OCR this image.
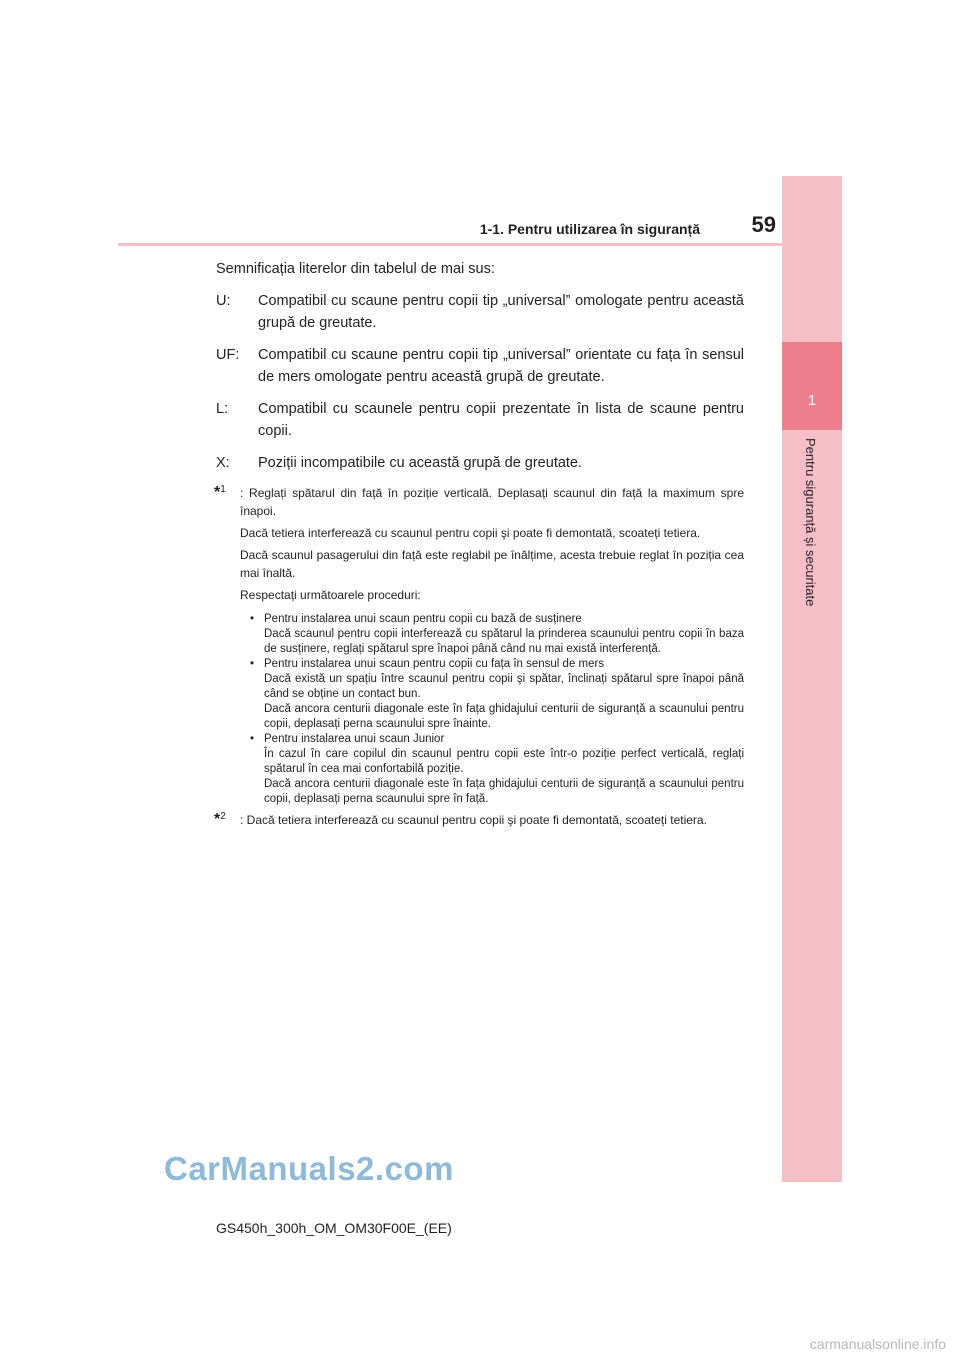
1
Pentru siguranță și securitate
1-1. Pentru utilizarea în siguranță	59

Semnificația literelor din tabelul de mai sus:

U: Compatibil cu scaune pentru copii tip „universal” omologate pentru această grupă de greutate.
UF: Compatibil cu scaune pentru copii tip „universal” orientate cu fața în sensul de mers omologate pentru această grupă de greutate.
L: Compatibil cu scaunele pentru copii prezentate în lista de scaune pentru copii.
X: Poziții incompatibile cu această grupă de greutate.
*$^1$ : Reglați spătarul din față în poziție verticală. Deplasați scaunul din față la maximum spre înapoi.

Dacă tetiera interferează cu scaunul pentru copii şi poate fi demontată, scoateți tetiera.

Dacă scaunul pasagerului din față este reglabil pe înălțime, acesta trebuie reglat în poziția cea mai înaltă.

Respectați următoarele proceduri:

• Pentru instalarea unui scaun pentru copii cu bază de susținere
Dacă scaunul pentru copii interferează cu spătarul la prinderea scaunului pentru copii în baza de susținere, reglați spătarul spre înapoi până când nu mai există interferență.
• Pentru instalarea unui scaun pentru copii cu fața în sensul de mers
Dacă există un spațiu între scaunul pentru copii şi spătar, înclinați spătarul spre înapoi până când se obține un contact bun.
Dacă ancora centurii diagonale este în fața ghidajului centurii de siguranță a scaunului pentru copii, deplasați perna scaunului spre înainte.
• Pentru instalarea unui scaun Junior
În cazul în care copilul din scaunul pentru copii este într-o poziție perfect verticală, reglați spătarul în cea mai confortabilă poziție.
Dacă ancora centurii diagonale este în fața ghidajului centurii de siguranță a scaunului pentru copii, deplasați perna scaunului spre în față.
*$^2$ : Dacă tetiera interferează cu scaunul pentru copii şi poate fi demontată, scoateți tetiera.

CarManuals2.com
GS450h_300h_OM_OM30F00E_(EE)
carmanualsonline.info
